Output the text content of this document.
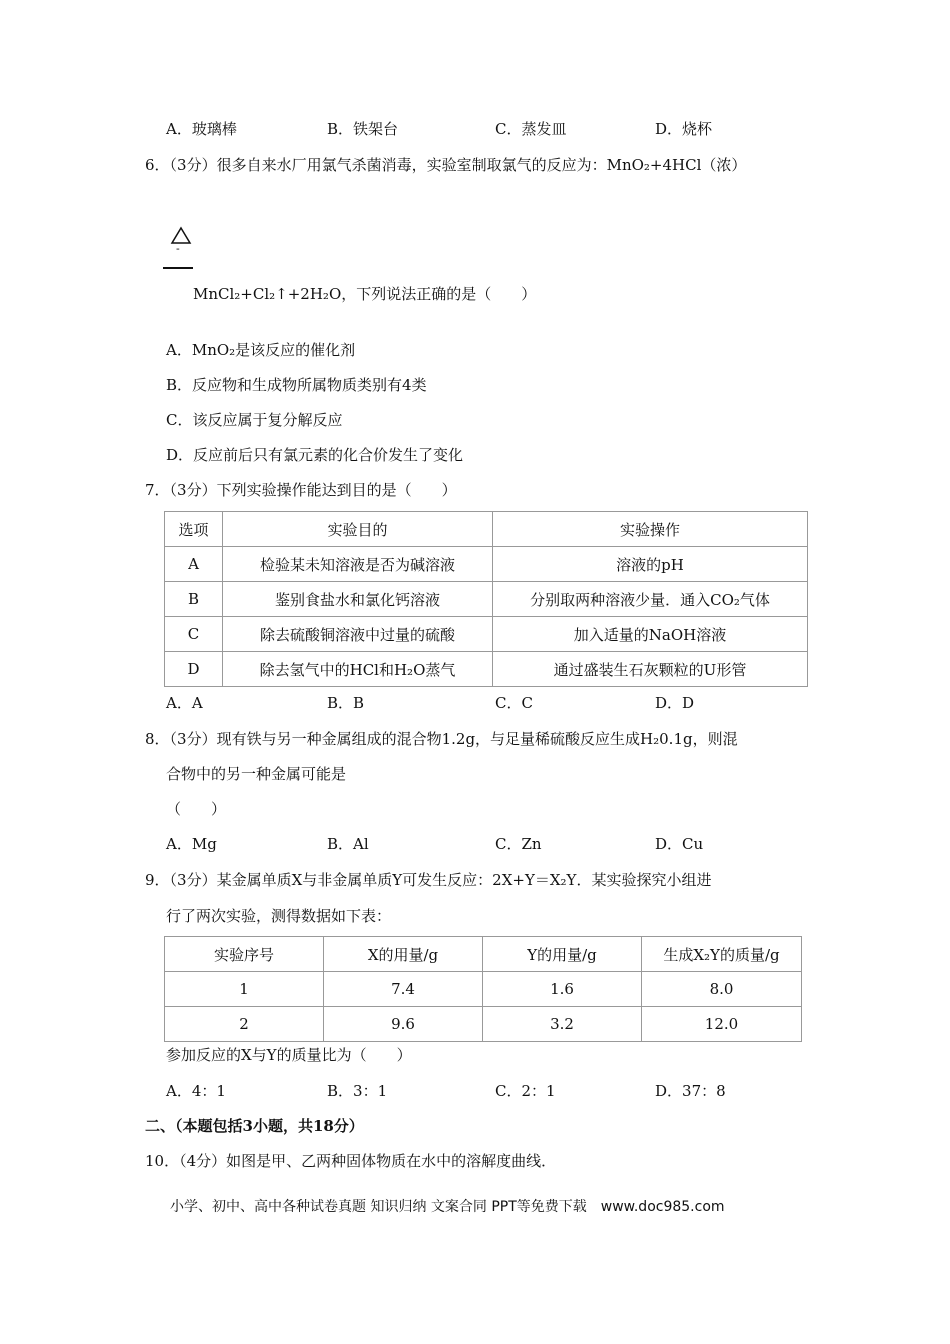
A．玻璃棒	B．铁架台	C．蒸发皿	D．烧杯
6．（3分）很多自来水厂用氯气杀菌消毒，实验室制取氯气的反应为：MnO₂+4HCl（浓）
-
MnCl₂+Cl₂↑+2H₂O，下列说法正确的是（　　）
A．MnO₂是该反应的催化剂
B．反应物和生成物所属物质类别有4类
C．该反应属于复分解反应
D．反应前后只有氯元素的化合价发生了变化
7．（3分）下列实验操作能达到目的是（　　）
选项	实验目的	实验操作
A	检验某未知溶液是否为碱溶液	溶液的pH
B	鉴别食盐水和氯化钙溶液	分别取两种溶液少量．通入CO₂气体
C	除去硫酸铜溶液中过量的硫酸	加入适量的NaOH溶液
D	除去氢气中的HCl和H₂O蒸气	通过盛装生石灰颗粒的U形管
A．A	B．B	C．C	D．D
8．（3分）现有铁与另一种金属组成的混合物1.2g，与足量稀硫酸反应生成H₂0.1g，则混
合物中的另一种金属可能是
（　　）
A．Mg	B．Al	C．Zn	D．Cu
9．（3分）某金属单质X与非金属单质Y可发生反应：2X+Y＝X₂Y．某实验探究小组进
行了两次实验，测得数据如下表：
实验序号	X的用量/g	Y的用量/g	生成X₂Y的质量/g
1	7.4	1.6	8.0
2	9.6	3.2	12.0
参加反应的X与Y的质量比为（　　）
A．4：1	B．3：1	C．2：1	D．37：8
二、（本题包括3小题，共18分）
10．（4分）如图是甲、乙两种固体物质在水中的溶解度曲线．
小学、初中、高中各种试卷真题 知识归纳 文案合同 PPT等免费下载　www.doc985.com
